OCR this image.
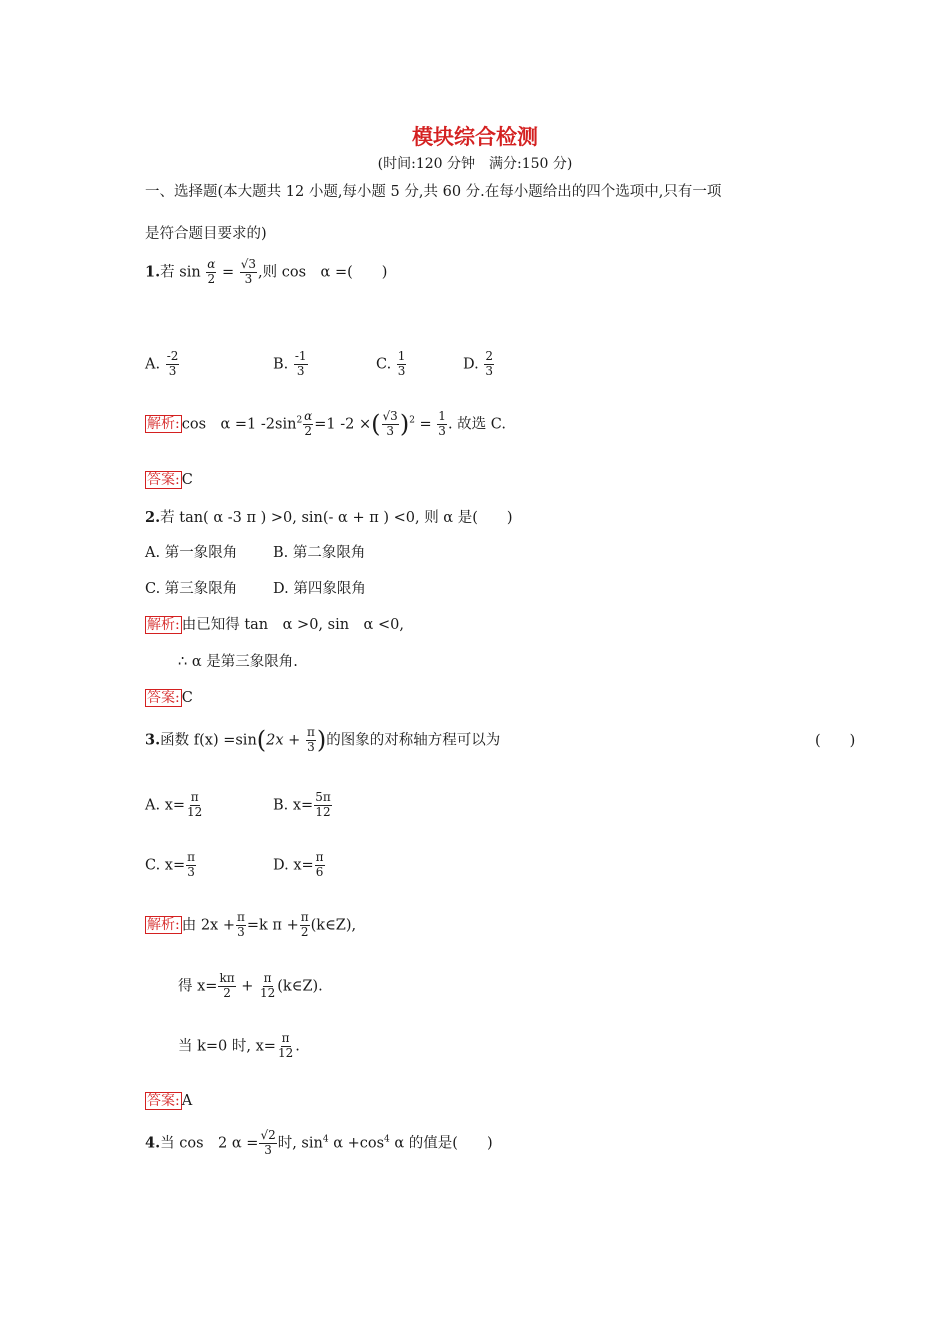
模块综合检测
(时间:120 分钟　满分:150 分)
一、选择题(本大题共 12 小题,每小题 5 分,共 60 分.在每小题给出的四个选项中,只有一项
是符合题目要求的)
1.若 $\sin \frac{\alpha}{2} = \frac{√3}{3}$ ,则 cos　α =(　　)
A. $\frac{-2}{3}$	B. $\frac{-1}{3}$	C. $\frac{1}{3}$	D. $\frac{2}{3}$
解析: cos　α =1 $-2\sin^2 \frac{\alpha}{2} =1$ -2 ×( $\frac{√3}{3} )^2 = \frac{1}{3}$ . 故选 C.
答案: C
2.若 tan( α -3 π ) >0, sin(- α + π ) <0, 则 α 是(　　)
A. 第一象限角 B. 第二象限角
C. 第三象限角 D. 第四象限角
解析: 由已知得 tan　α >0, sin　α <0,
∴ α 是第三象限角.
答案: C
3.函数 $f(x) =\sin(2x + \frac{\pi}{3}$ )的图象的对称轴方程可以为	(　　)
A. $x= \frac{\pi}{12}$	B. $x= \frac{5\pi}{12}$
C. $x= \frac{\pi}{3}$	D. $x= \frac{\pi}{6}$
解析: 由 $2x + \frac{\pi}{3} =k$ $\pi + \frac{\pi}{2}$ (k∈Z),
得 $x= \frac{k\pi}{2} + \frac{\pi}{12}$ (k∈Z).
当 k=0 时, $x= \frac{\pi}{12}$ .
答案: A
4.当 cos　2 $\alpha = \frac{√2}{3}$ 时, $\sin^4 \alpha +\cos^4$ α 的值是(　　)
